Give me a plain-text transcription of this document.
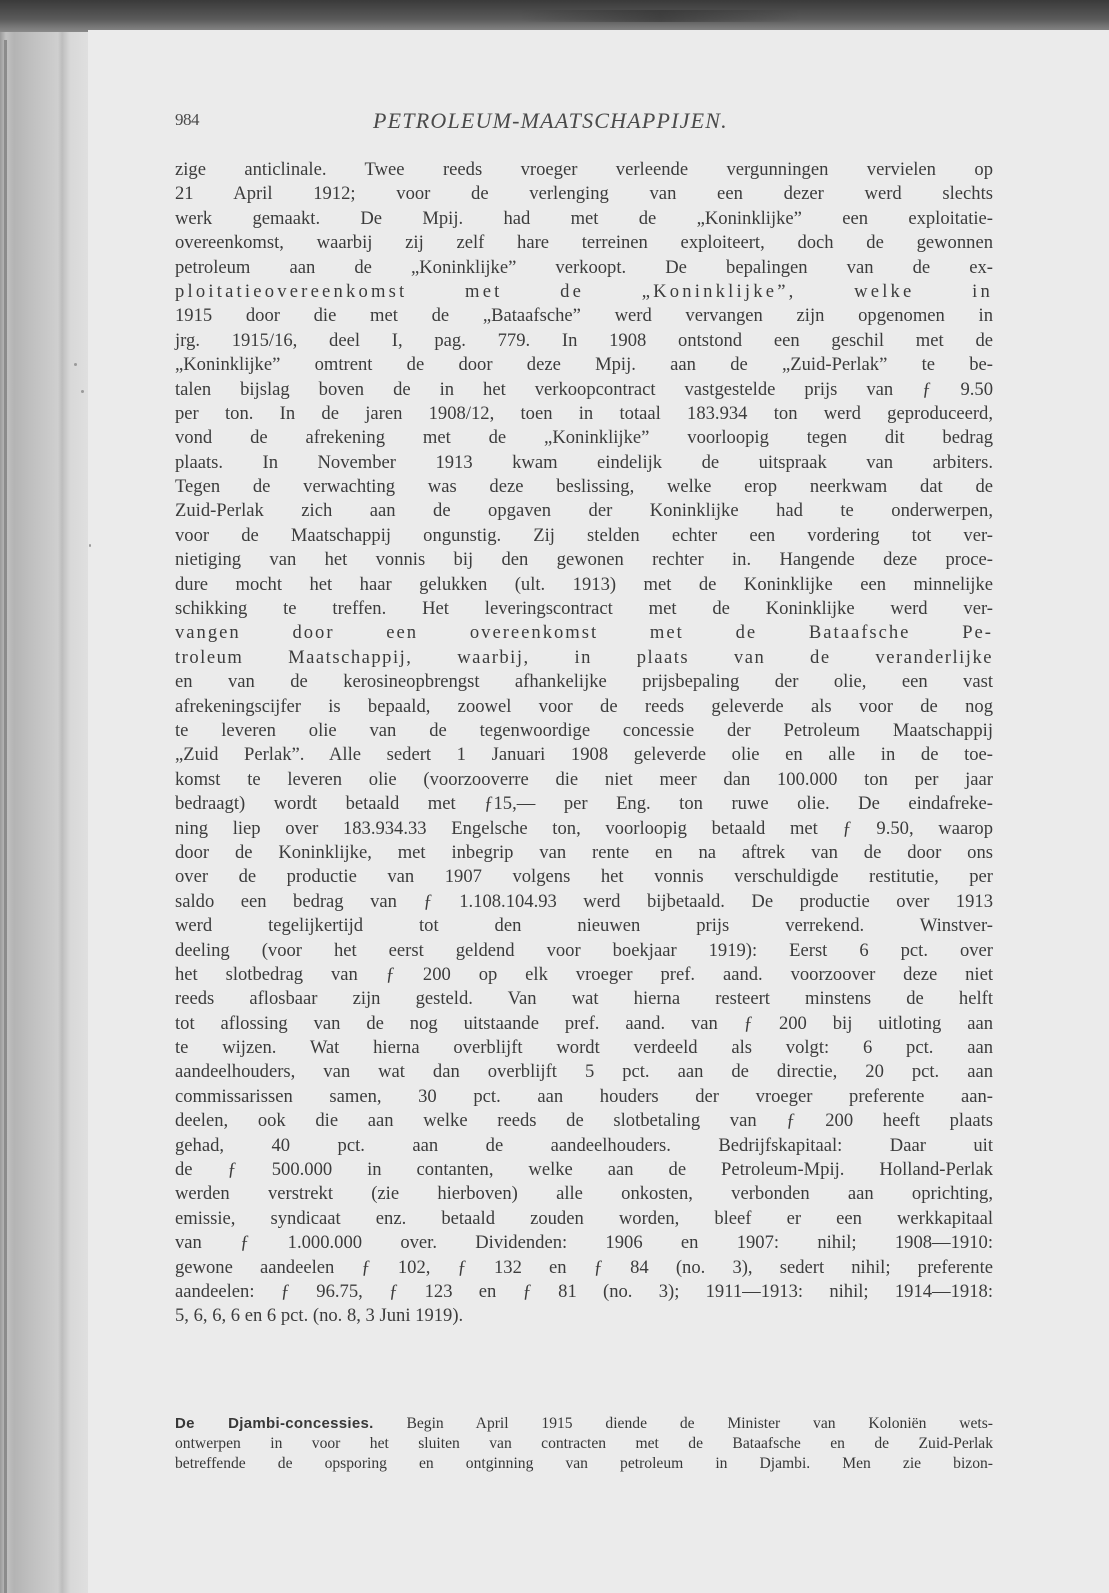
984	PETROLEUM-MAATSCHAPPIJEN.
zige anticlinale. Twee reeds vroeger verleende vergunningen vervielen op
21 April 1912; voor de verlenging van een dezer werd slechts
werk gemaakt. De Mpij. had met de „Koninklijke” een exploitatie-
overeenkomst, waarbij zij zelf hare terreinen exploiteert, doch de gewonnen
petroleum aan de „Koninklijke” verkoopt. De bepalingen van de ex-
ploitatieovereenkomst met de „Koninklijke”, welke in
1915 door die met de „Bataafsche” werd vervangen zijn opgenomen in
jrg. 1915/16, deel I, pag. 779. In 1908 ontstond een geschil met de
„Koninklijke” omtrent de door deze Mpij. aan de „Zuid-Perlak” te be-
talen bijslag boven de in het verkoopcontract vastgestelde prijs van ƒ 9.50
per ton. In de jaren 1908/12, toen in totaal 183.934 ton werd geproduceerd,
vond de afrekening met de „Koninklijke” voorloopig tegen dit bedrag
plaats. In November 1913 kwam eindelijk de uitspraak van arbiters.
Tegen de verwachting was deze beslissing, welke erop neerkwam dat de
Zuid-Perlak zich aan de opgaven der Koninklijke had te onderwerpen,
voor de Maatschappij ongunstig. Zij stelden echter een vordering tot ver-
nietiging van het vonnis bij den gewonen rechter in. Hangende deze proce-
dure mocht het haar gelukken (ult. 1913) met de Koninklijke een minnelijke
schikking te treffen. Het leveringscontract met de Koninklijke werd ver-
vangen door een overeenkomst met de Bataafsche Pe-
troleum Maatschappij, waarbij, in plaats van de veranderlijke
en van de kerosineopbrengst afhankelijke prijsbepaling der olie, een vast
afrekeningscijfer is bepaald, zoowel voor de reeds geleverde als voor de nog
te leveren olie van de tegenwoordige concessie der Petroleum Maatschappij
„Zuid Perlak”. Alle sedert 1 Januari 1908 geleverde olie en alle in de toe-
komst te leveren olie (voorzooverre die niet meer dan 100.000 ton per jaar
bedraagt) wordt betaald met ƒ15,— per Eng. ton ruwe olie. De eindafreke-
ning liep over 183.934.33 Engelsche ton, voorloopig betaald met ƒ 9.50, waarop
door de Koninklijke, met inbegrip van rente en na aftrek van de door ons
over de productie van 1907 volgens het vonnis verschuldigde restitutie, per
saldo een bedrag van ƒ 1.108.104.93 werd bijbetaald. De productie over 1913
werd tegelijkertijd tot den nieuwen prijs verrekend. Winstver-
deeling (voor het eerst geldend voor boekjaar 1919): Eerst 6 pct. over
het slotbedrag van ƒ 200 op elk vroeger pref. aand. voorzoover deze niet
reeds aflosbaar zijn gesteld. Van wat hierna resteert minstens de helft
tot aflossing van de nog uitstaande pref. aand. van ƒ 200 bij uitloting aan
te wijzen. Wat hierna overblijft wordt verdeeld als volgt: 6 pct. aan
aandeelhouders, van wat dan overblijft 5 pct. aan de directie, 20 pct. aan
commissarissen samen, 30 pct. aan houders der vroeger preferente aan-
deelen, ook die aan welke reeds de slotbetaling van ƒ 200 heeft plaats
gehad, 40 pct. aan de aandeelhouders. Bedrijfskapitaal: Daar uit
de ƒ 500.000 in contanten, welke aan de Petroleum-Mpij. Holland-Perlak
werden verstrekt (zie hierboven) alle onkosten, verbonden aan oprichting,
emissie, syndicaat enz. betaald zouden worden, bleef er een werkkapitaal
van ƒ 1.000.000 over. Dividenden: 1906 en 1907: nihil; 1908—1910:
gewone aandeelen ƒ 102, ƒ 132 en ƒ 84 (no. 3), sedert nihil; preferente
aandeelen: ƒ 96.75, ƒ 123 en ƒ 81 (no. 3); 1911—1913: nihil; 1914—1918:
5, 6, 6, 6 en 6 pct. (no. 8, 3 Juni 1919).
De Djambi-concessies. Begin April 1915 diende de Minister van Koloniën wets-
ontwerpen in voor het sluiten van contracten met de Bataafsche en de Zuid-Perlak
betreffende de opsporing en ontginning van petroleum in Djambi. Men zie bizon-
